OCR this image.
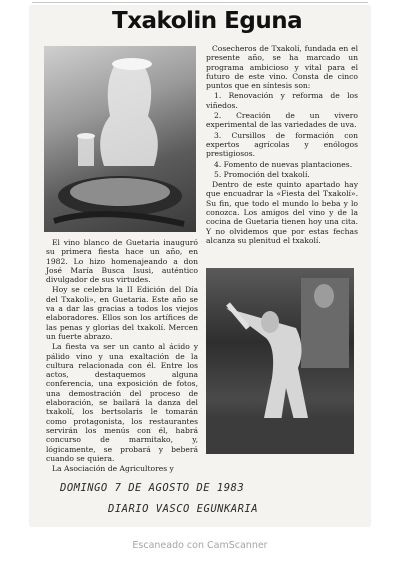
Txakolin Eguna

El vino blanco de Guetaria inauguró su primera fiesta hace un año, en 1982. Lo hizo homenajeando a don José María Busca Isusi, auténtico divulgador de sus virtudes.

Hoy se celebra la II Edición del Día del Txakoli», en Guetaria. Este año se va a dar las gracias a todos los viejos elaboradores. Ellos son los artífices de las penas y glorias del txakolí. Mercen un fuerte abrazo.

La fiesta va ser un canto al ácido y pálido vino y una exaltación de la cultura relacionada con él. Entre los actos, destaquemos alguna conferencia, una exposición de fotos, una demostración del proceso de elaboración, se bailará la danza del txakolí, los bertsolaris le tomarán como protagonista, los restaurantes servirán los menús con él, habrá concurso de marmitako, y, lógicamente, se probará y beberá cuando se quiera.

La Asociación de Agricultores y

Cosecheros de Txakolí, fundada en el presente año, se ha marcado un programa ambicioso y vital para el futuro de este vino. Consta de cinco puntos que en síntesis son:

1. Renovación y reforma de los viñedos.

2. Creación de un vivero experimental de las variedades de uva.

3. Cursillos de formación con expertos agrícolas y enólogos prestigiosos.

4. Fomento de nuevas plantaciones.

5. Promoción del txakolí.

Dentro de este quinto apartado hay que encuadrar la «Fiesta del Txakolí». Su fin, que todo el mundo lo beba y lo conozca. Los amigos del vino y de la cocina de Guetaria tienen hoy una cita. Y no olvidemos que por estas fechas alcanza su plenitud el txakolí.

DOMINGO 7 DE AGOSTO DE 1983
DIARIO VASCO EGUNKARIA
Escaneado con CamScanner
